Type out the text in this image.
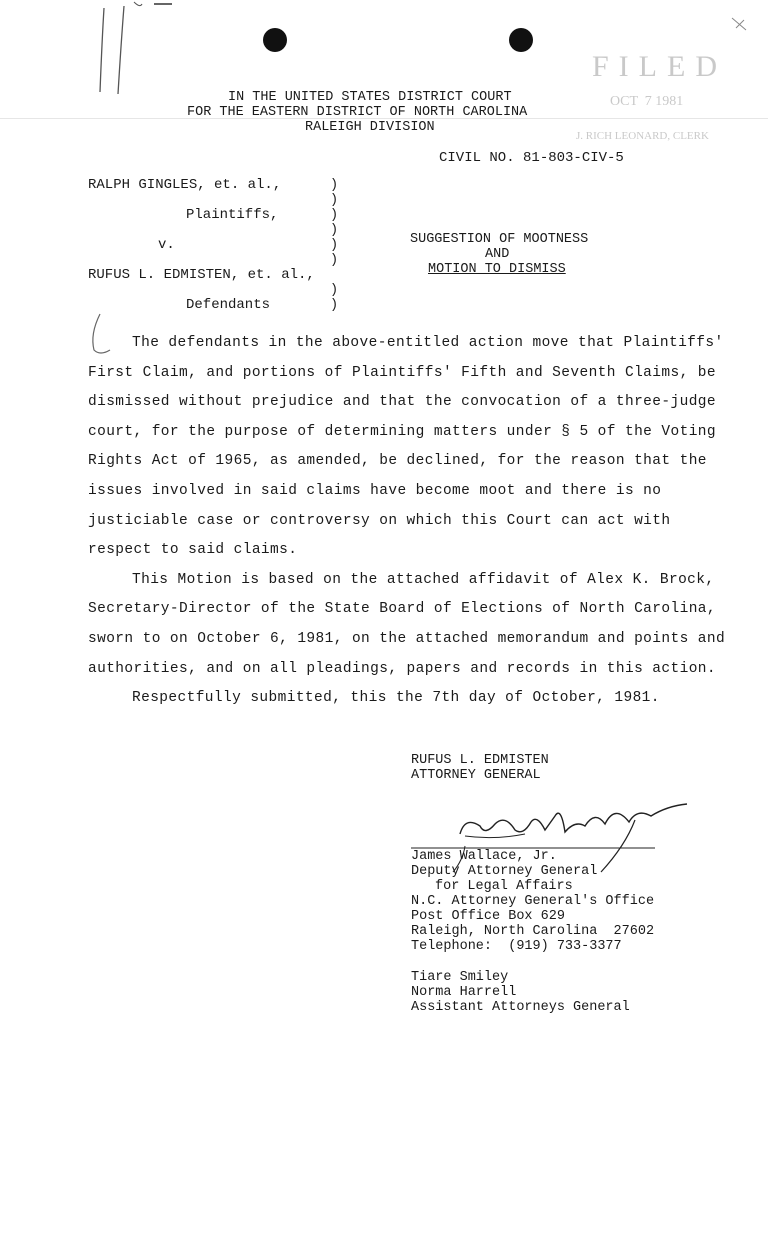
FILED
OCT  7 1981
J. RICH LEONARD, CLERK
IN THE UNITED STATES DISTRICT COURT
FOR THE EASTERN DISTRICT OF NORTH CAROLINA
RALEIGH DIVISION
CIVIL NO. 81-803-CIV-5
RALPH GINGLES, et. al.,
Plaintiffs,
v.
RUFUS L. EDMISTEN, et. al.,
Defendants
)
)
)
)
)
)
)
)
SUGGESTION OF MOOTNESS
AND
MOTION TO DISMISS

The defendants in the above-entitled action move that Plaintiffs' First Claim, and portions of Plaintiffs' Fifth and Seventh Claims, be dismissed without prejudice and that the convocation of a three-judge court, for the purpose of determining matters under § 5 of the Voting Rights Act of 1965, as amended, be declined, for the reason that the issues involved in said claims have become moot and there is no justiciable case or controversy on which this Court can act with respect to said claims.

This Motion is based on the attached affidavit of Alex K. Brock, Secretary-Director of the State Board of Elections of North Carolina, sworn to on October 6, 1981, on the attached memorandum and points and authorities, and on all pleadings, papers and records in this action.

Respectfully submitted, this the 7th day of October, 1981.

RUFUS L. EDMISTEN
ATTORNEY GENERAL
James Wallace, Jr.
Deputy Attorney General
for Legal Affairs
N.C. Attorney General's Office
Post Office Box 629
Raleigh, North Carolina  27602
Telephone:  (919) 733-3377
Tiare Smiley
Norma Harrell
Assistant Attorneys General
